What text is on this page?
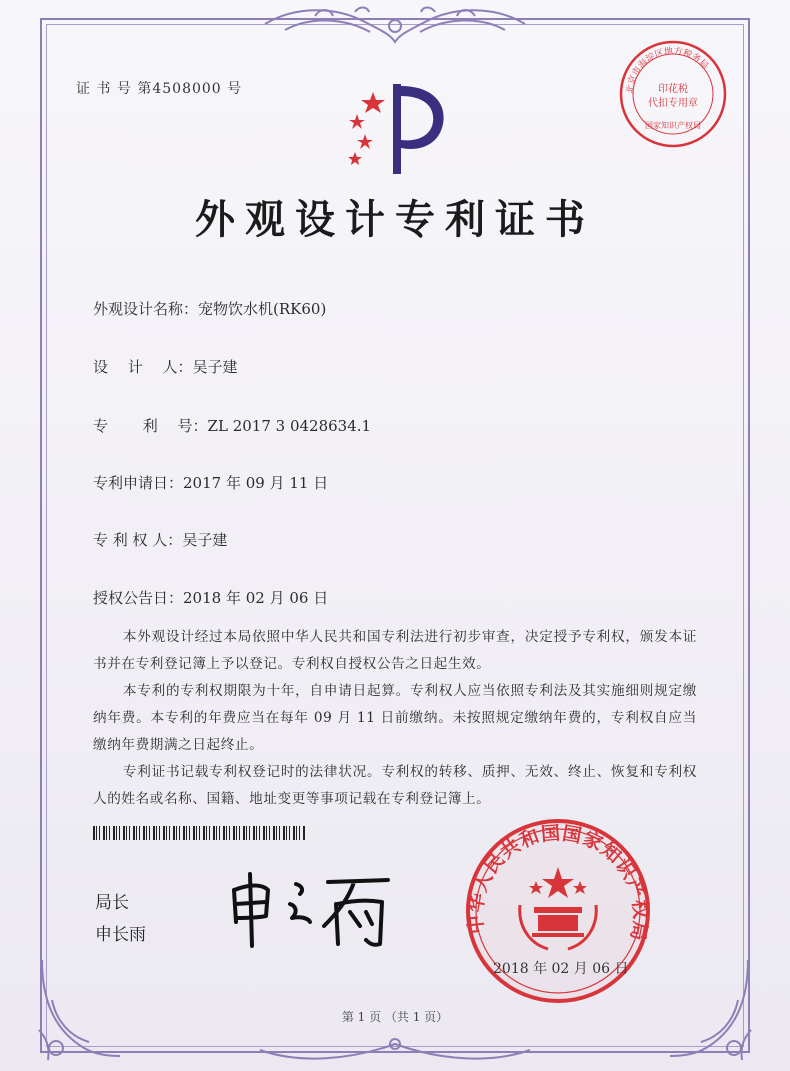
证 书 号 第4508000 号	北京市海淀区地方税务局
印花税
代扣专用章
国家知识产权局
外观设计专利证书
外观设计名称：宠物饮水机(RK60)
设　 计　 人：吴子建
专　　 利　 号：ZL 2017 3 0428634.1
专利申请日：2017 年 09 月 11 日
专 利 权 人：吴子建
授权公告日：2018 年 02 月 06 日

本外观设计经过本局依照中华人民共和国专利法进行初步审查，决定授予专利权，颁发本证书并在专利登记簿上予以登记。专利权自授权公告之日起生效。

本专利的专利权期限为十年，自申请日起算。专利权人应当依照专利法及其实施细则规定缴纳年费。本专利的年费应当在每年 09 月 11 日前缴纳。未按照规定缴纳年费的，专利权自应当缴纳年费期满之日起终止。

专利证书记载专利权登记时的法律状况。专利权的转移、质押、无效、终止、恢复和专利权人的姓名或名称、国籍、地址变更等事项记载在专利登记簿上。

局长
申长雨
中华人民共和国国家知识产权局
2018 年 02 月 06 日
第 1 页 （共 1 页）
